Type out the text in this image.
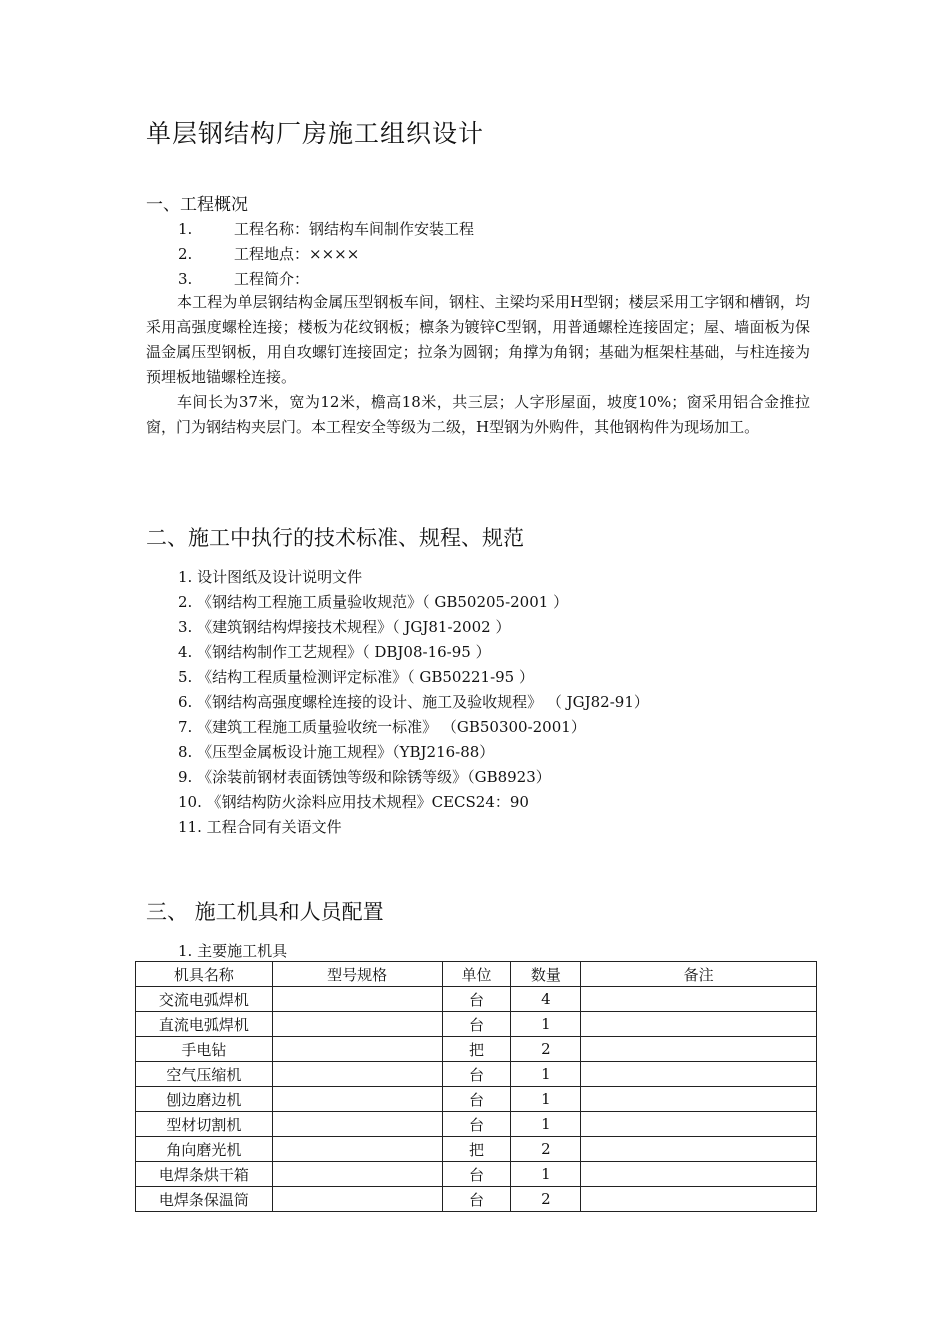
单层钢结构厂房施工组织设计
一、工程概况
1.	工程名称：钢结构车间制作安装工程
2.	工程地点：××××
3.	工程简介：
本工程为单层钢结构金属压型钢板车间，钢柱、主梁均采用H型钢；楼层采用工字钢和槽钢，均采用高强度螺栓连接；楼板为花纹钢板；檩条为镀锌C型钢，用普通螺栓连接固定；屋、墙面板为保温金属压型钢板，用自攻螺钉连接固定；拉条为圆钢；角撑为角钢；基础为框架柱基础，与柱连接为预埋板地锚螺栓连接。
车间长为37米，宽为12米，檐高18米，共三层；人字形屋面，坡度10%；窗采用铝合金推拉窗，门为钢结构夹层门。本工程安全等级为二级，H型钢为外购件，其他钢构件为现场加工。
二、施工中执行的技术标准、规程、规范
1. 设计图纸及设计说明文件
2. 《钢结构工程施工质量验收规范》（ GB50205-2001 ）
3. 《建筑钢结构焊接技术规程》（ JGJ81-2002 ）
4. 《钢结构制作工艺规程》（ DBJ08-16-95 ）
5. 《结构工程质量检测评定标准》（ GB50221-95 ）
6. 《钢结构高强度螺栓连接的设计、施工及验收规程》 （ JGJ82-91）
7. 《建筑工程施工质量验收统一标准》 （GB50300-2001）
8. 《压型金属板设计施工规程》（YBJ216-88）
9. 《涂装前钢材表面锈蚀等级和除锈等级》（GB8923）
10. 《钢结构防火涂料应用技术规程》CECS24：90
11. 工程合同有关语文件
三、 施工机具和人员配置
1. 主要施工机具
机具名称	型号规格	单位	数量	备注
交流电弧焊机		台	4	
直流电弧焊机		台	1	
手电钻		把	2	
空气压缩机		台	1	
刨边磨边机		台	1	
型材切割机		台	1	
角向磨光机		把	2	
电焊条烘干箱		台	1	
电焊条保温筒		台	2	
